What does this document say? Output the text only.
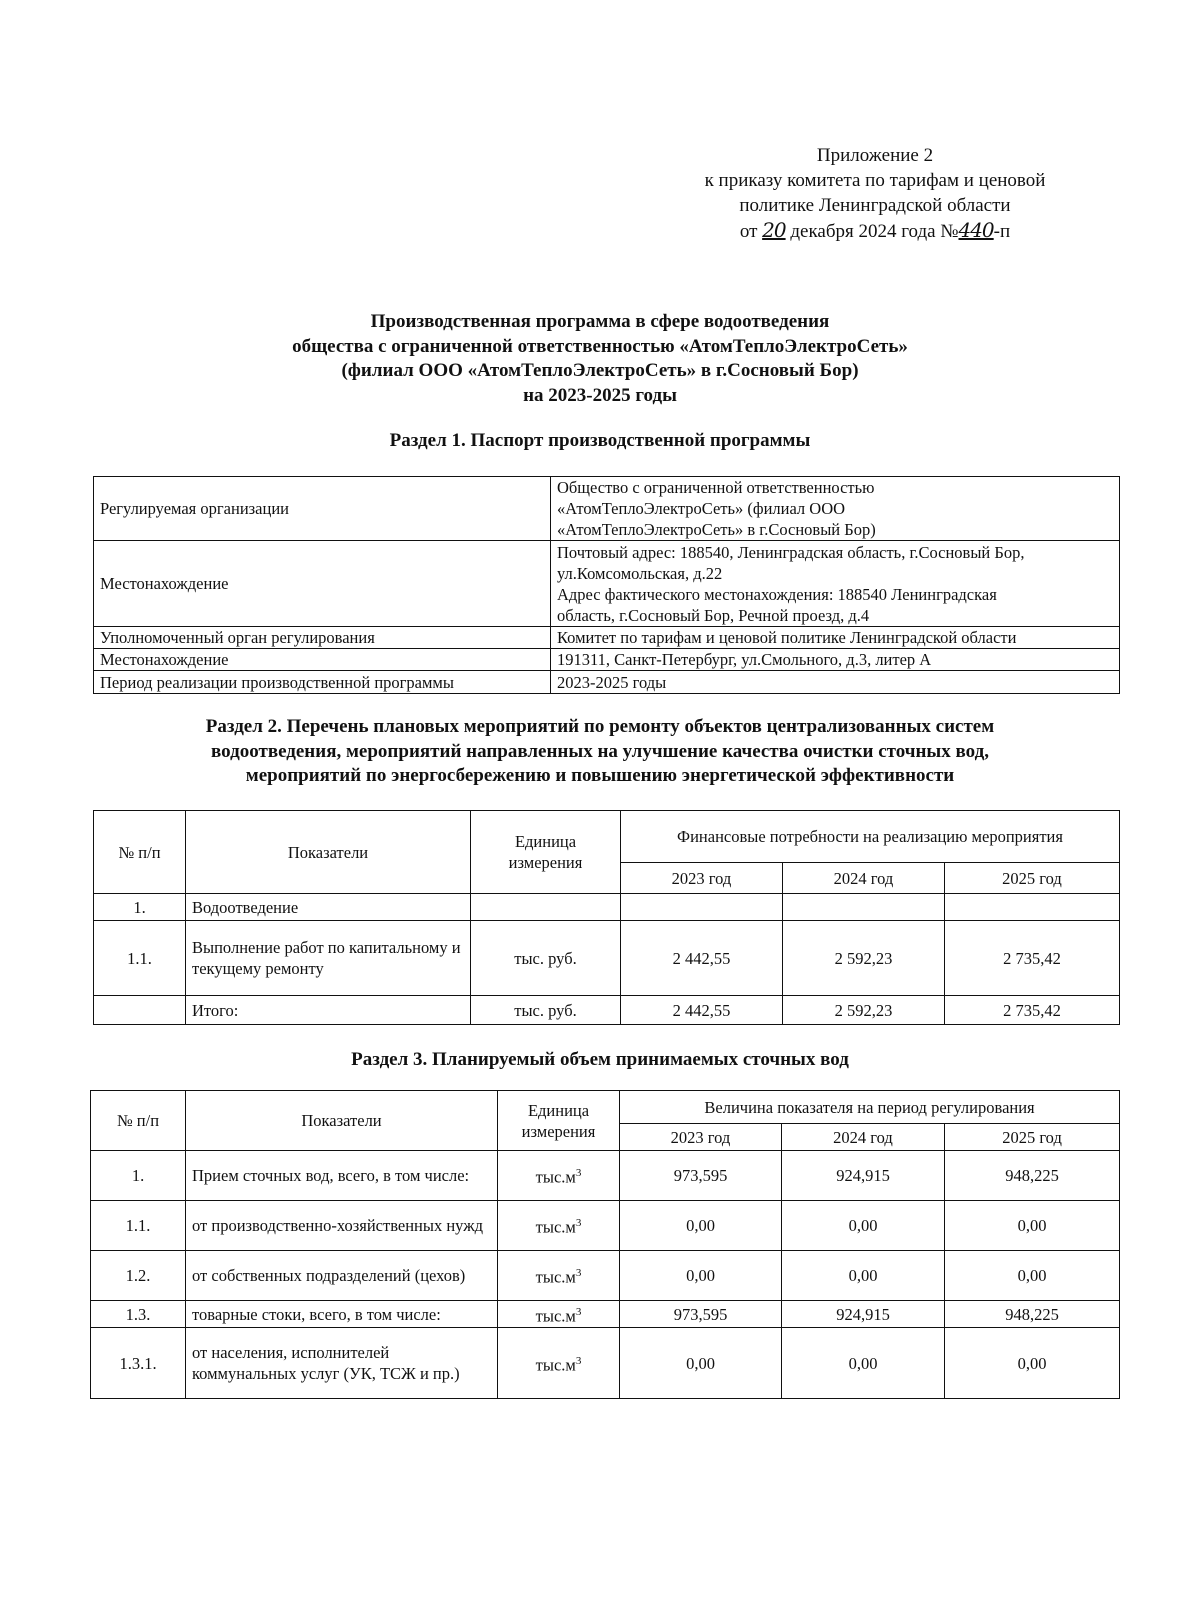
Приложение 2
к приказу комитета по тарифам и ценовой
политике Ленинградской области
от 20 декабря 2024 года №440-п
Производственная программа в сфере водоотведения
общества с ограниченной ответственностью «АтомТеплоЭлектроСеть»
(филиал ООО «АтомТеплоЭлектроСеть» в г.Сосновый Бор)
на 2023-2025 годы
Раздел 1. Паспорт производственной программы
Регулируемая организации	Общество с ограниченной ответственностью
«АтомТеплоЭлектроСеть» (филиал ООО
«АтомТеплоЭлектроСеть» в г.Сосновый Бор)

Местонахождение	Почтовый адрес: 188540, Ленинградская область, г.Сосновый Бор,
ул.Комсомольская, д.22
Адрес фактического местонахождения: 188540 Ленинградская
область, г.Сосновый Бор, Речной проезд, д.4

Уполномоченный орган регулирования	Комитет по тарифам и ценовой политике Ленинградской области

Местонахождение	191311, Санкт-Петербург, ул.Смольного, д.3, литер А

Период реализации производственной программы	2023-2025 годы
Раздел 2. Перечень плановых мероприятий по ремонту объектов централизованных систем
водоотведения, мероприятий направленных на улучшение качества очистки сточных вод,
мероприятий по энергосбережению и повышению энергетической эффективности
№ п/п	Показатели	Единица измерения	Финансовые потребности на реализацию мероприятия		
			2023 год	2024 год	2025 год
1.	Водоотведение				
1.1.	Выполнение работ по капитальному и текущему ремонту	тыс. руб.	2 442,55	2 592,23	2 735,42
	Итого:	тыс. руб.	2 442,55	2 592,23	2 735,42
Раздел 3. Планируемый объем принимаемых сточных вод
№ п/п	Показатели	Единица измерения	Величина показателя на период регулирования		
			2023 год	2024 год	2025 год
1.	Прием сточных вод, всего, в том числе:	$тыс.м^3$	973,595	924,915	948,225
1.1.	от производственно-хозяйственных нужд	$тыс.м^3$	0,00	0,00	0,00
1.2.	от собственных подразделений (цехов)	$тыс.м^3$	0,00	0,00	0,00
1.3.	товарные стоки, всего, в том числе:	$тыс.м^3$	973,595	924,915	948,225
1.3.1.	от населения, исполнителей коммунальных услуг (УК, ТСЖ и пр.)	$тыс.м^3$	0,00	0,00	0,00
